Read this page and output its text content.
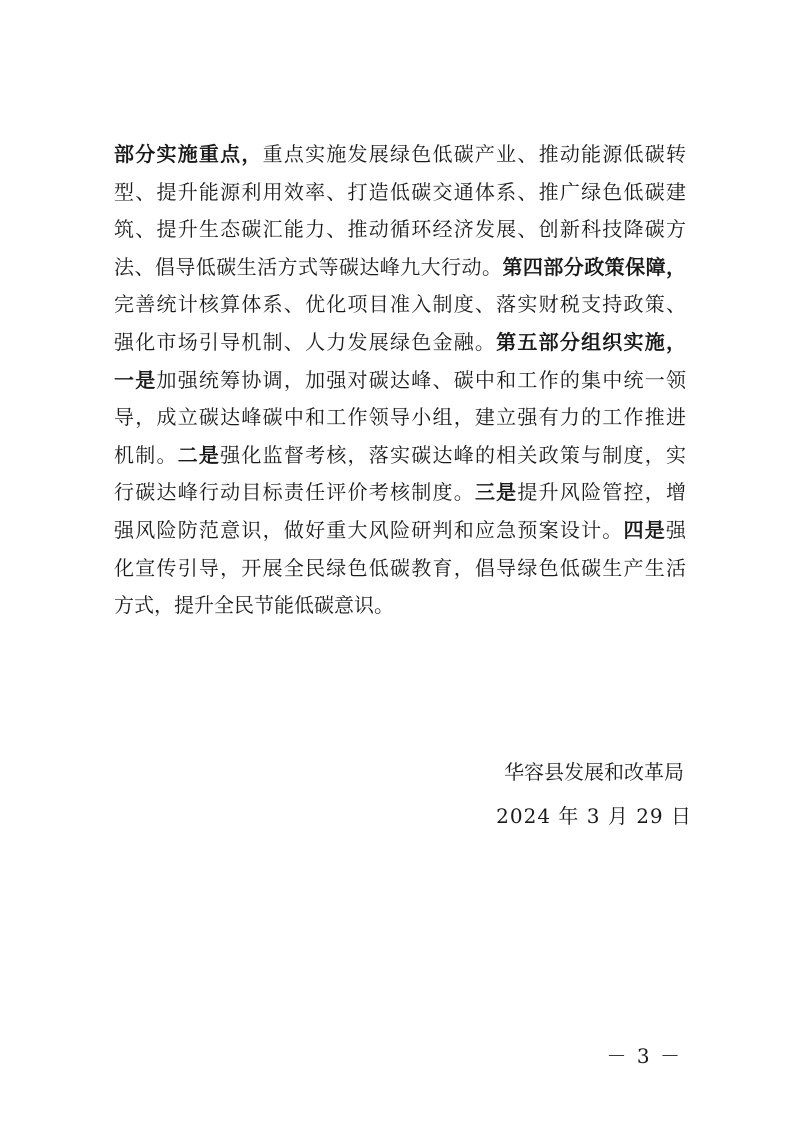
部分实施重点，重点实施发展绿色低碳产业、推动能源低碳转
型、提升能源利用效率、打造低碳交通体系、推广绿色低碳建
筑、提升生态碳汇能力、推动循环经济发展、创新科技降碳方
法、倡导低碳生活方式等碳达峰九大行动。第四部分政策保障，
完善统计核算体系、优化项目准入制度、落实财税支持政策、
强化市场引导机制、人力发展绿色金融。第五部分组织实施，
一是加强统筹协调，加强对碳达峰、碳中和工作的集中统一领
导，成立碳达峰碳中和工作领导小组，建立强有力的工作推进
机制。二是强化监督考核，落实碳达峰的相关政策与制度，实
行碳达峰行动目标责任评价考核制度。三是提升风险管控，增
强风险防范意识，做好重大风险研判和应急预案设计。四是强
化宣传引导，开展全民绿色低碳教育，倡导绿色低碳生产生活
方式，提升全民节能低碳意识。
华容县发展和改革局
2024 年 3 月 29 日
－ 3 －
